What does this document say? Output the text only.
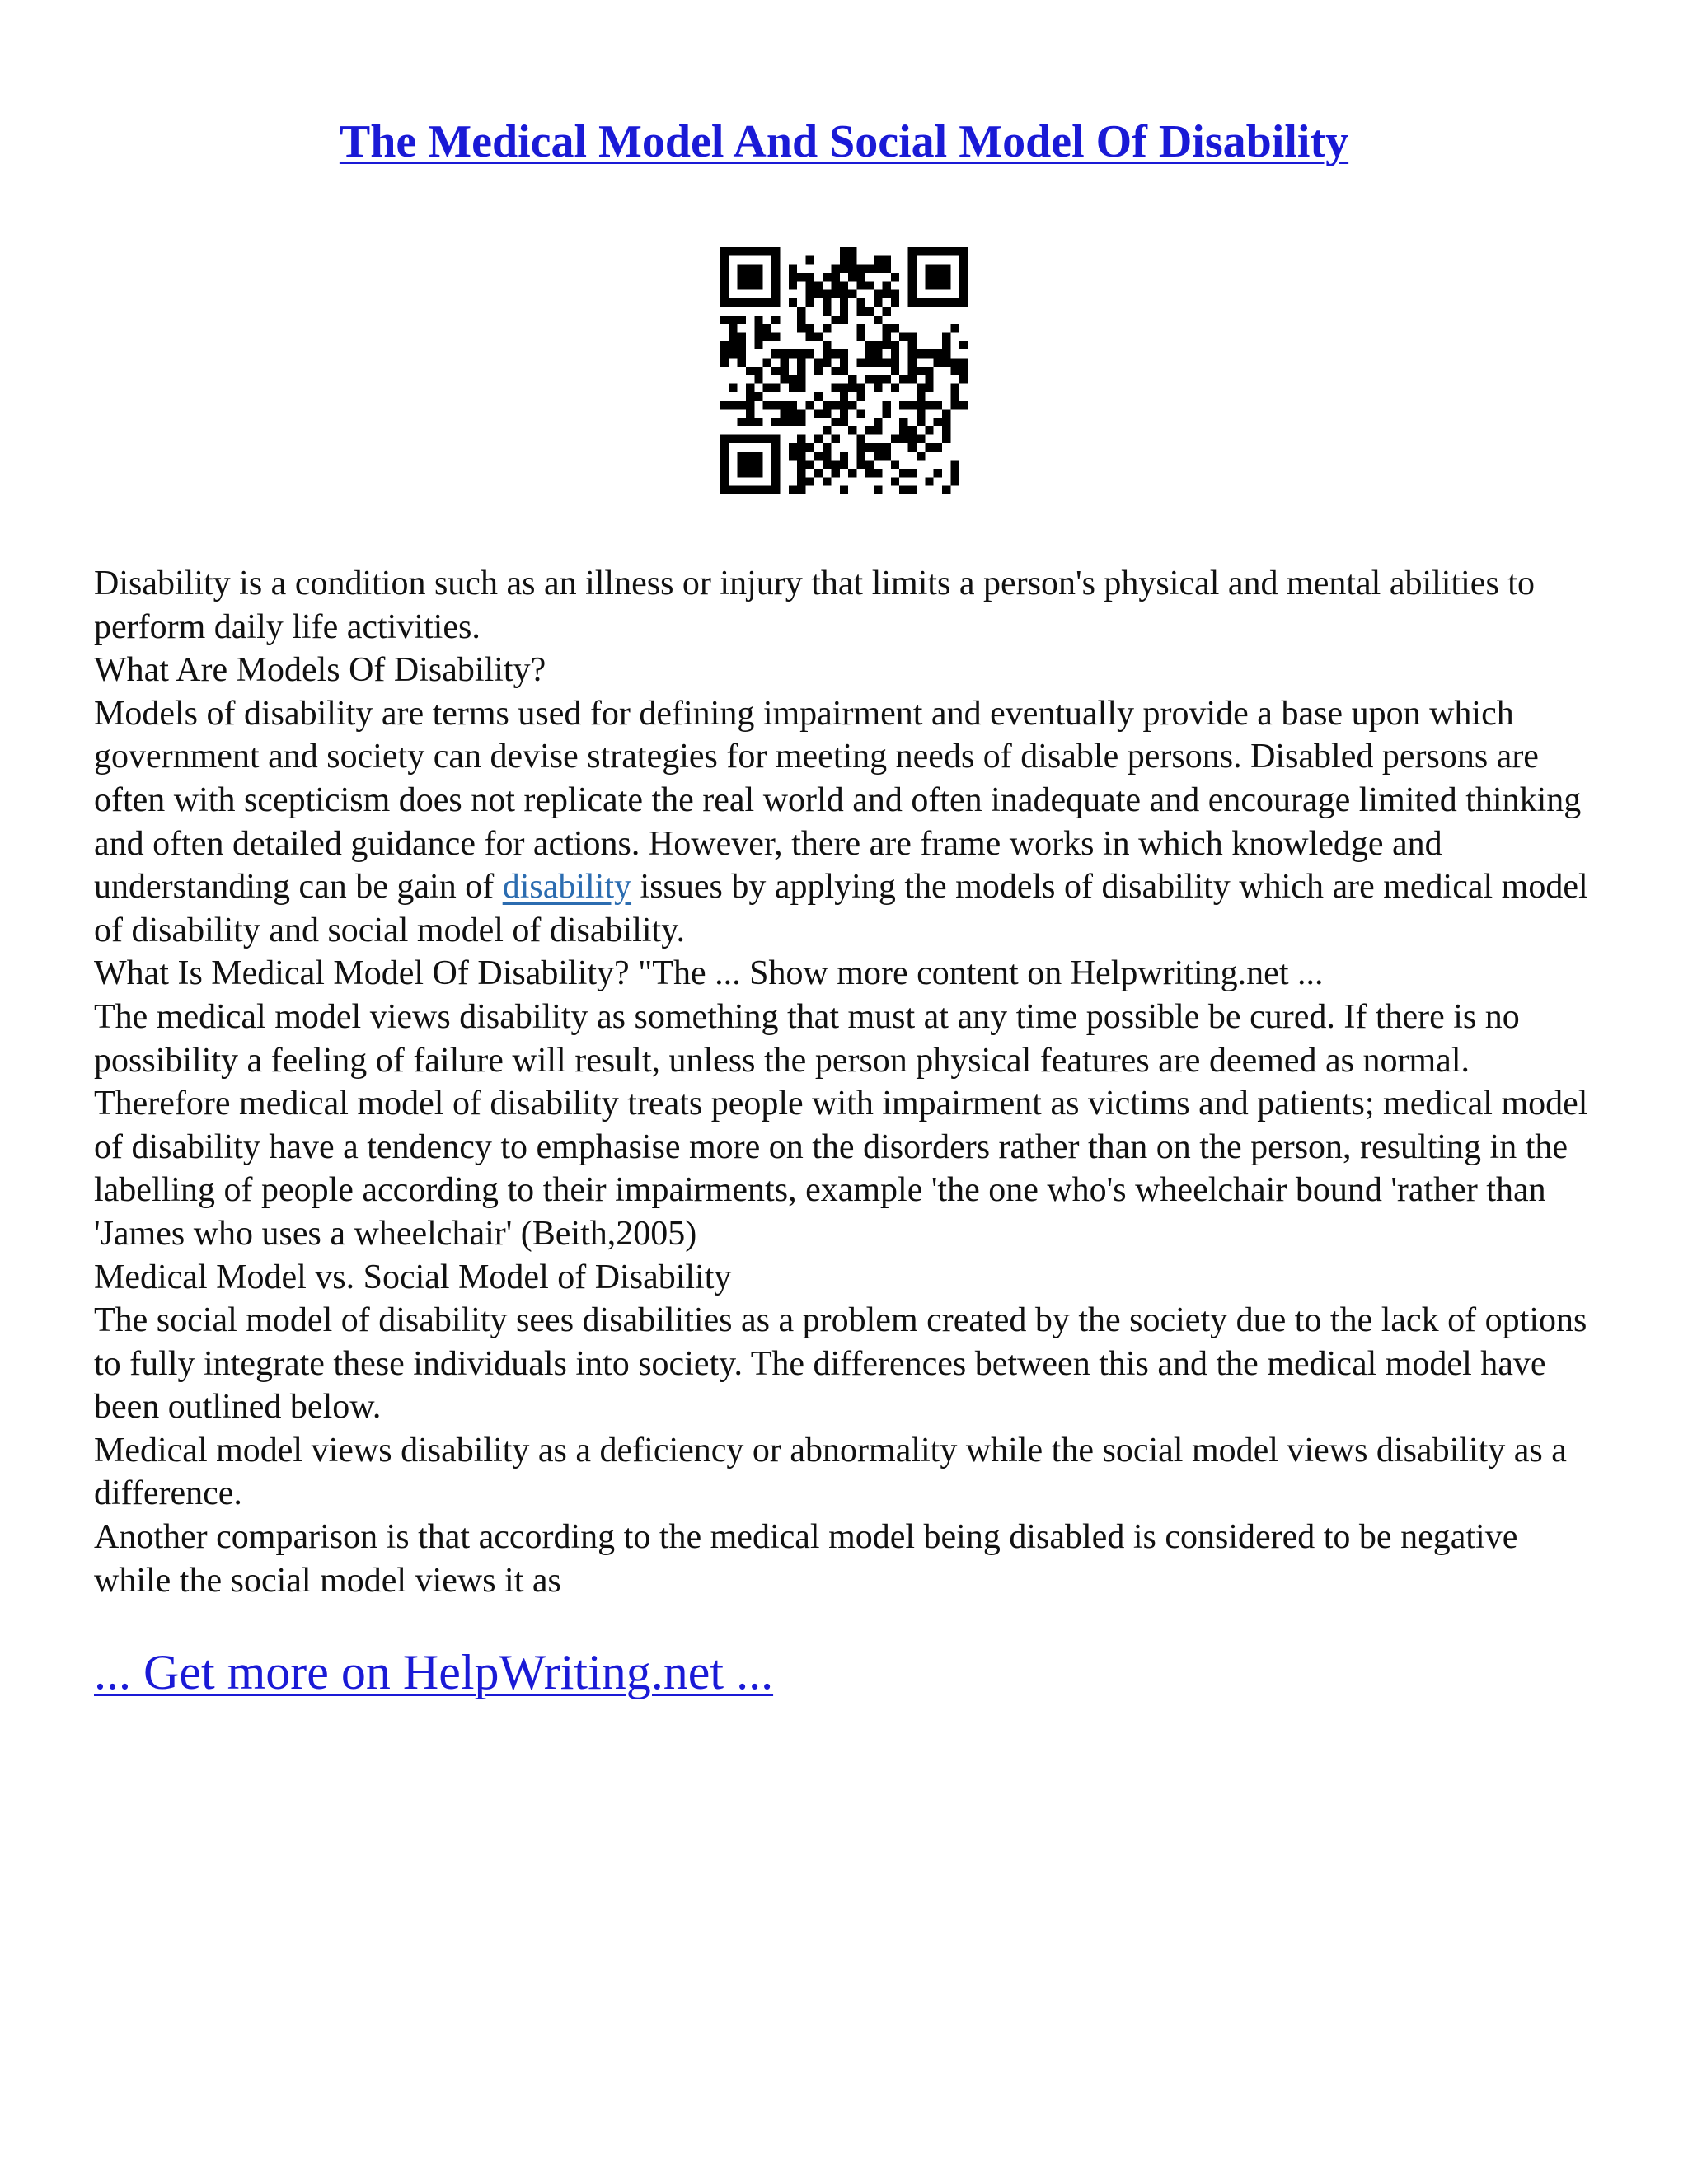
The Medical Model And Social Model Of Disability

Disability is a condition such as an illness or injury that limits a person's physical and mental abilities to perform daily life activities.

What Are Models Of Disability?

Models of disability are terms used for defining impairment and eventually provide a base upon which government and society can devise strategies for meeting needs of disable persons. Disabled persons are often with scepticism does not replicate the real world and often inadequate and encourage limited thinking and often detailed guidance for actions. However, there are frame works in which knowledge and understanding can be gain of disability issues by applying the models of disability which are medical model of disability and social model of disability.

What Is Medical Model Of Disability? "The ... Show more content on Helpwriting.net ...

The medical model views disability as something that must at any time possible be cured. If there is no possibility a feeling of failure will result, unless the person physical features are deemed as normal. Therefore medical model of disability treats people with impairment as victims and patients; medical model of disability have a tendency to emphasise more on the disorders rather than on the person, resulting in the labelling of people according to their impairments, example 'the one who's wheelchair bound 'rather than 'James who uses a wheelchair' (Beith,2005)

Medical Model vs. Social Model of Disability

The social model of disability sees disabilities as a problem created by the society due to the lack of options to fully integrate these individuals into society. The differences between this and the medical model have been outlined below.

Medical model views disability as a deficiency or abnormality while the social model views disability as a difference.

Another comparison is that according to the medical model being disabled is considered to be negative while the social model views it as

... Get more on HelpWriting.net ...
